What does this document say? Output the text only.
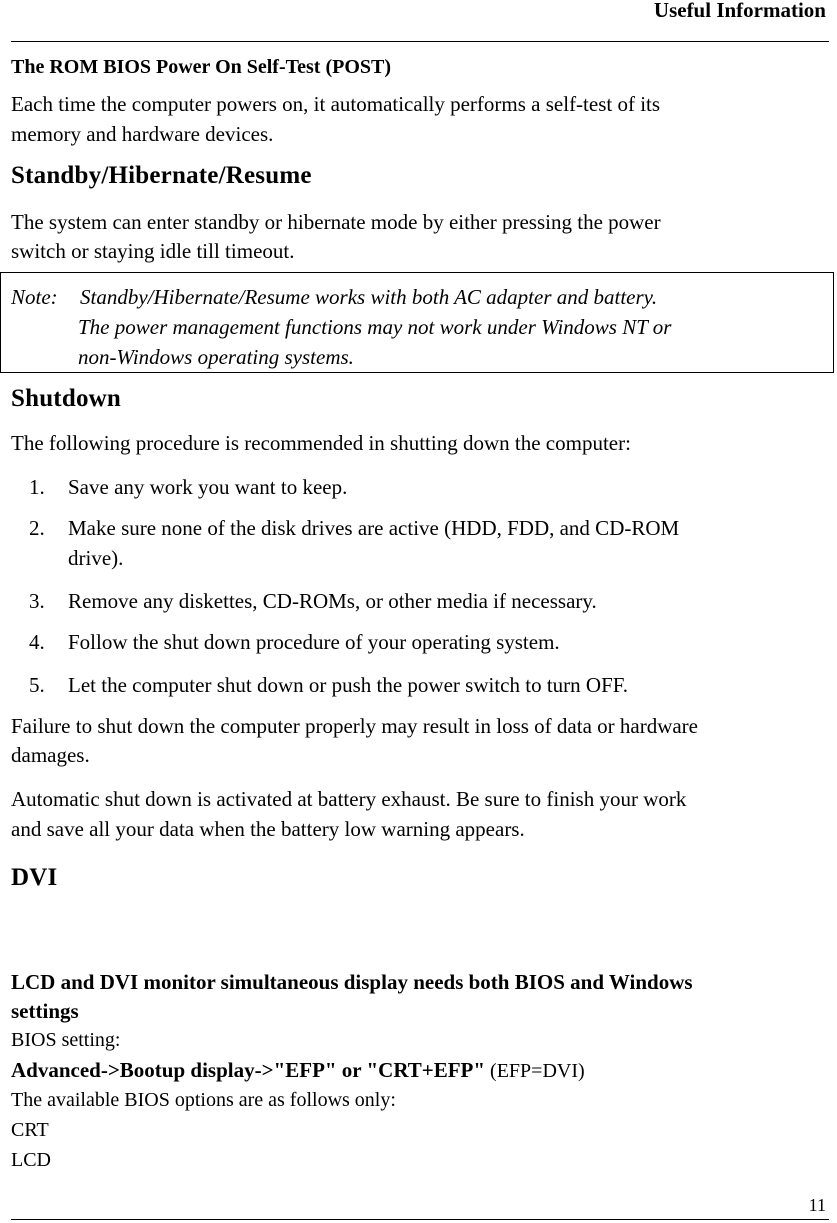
Useful Information
The ROM BIOS Power On Self-Test (POST)
Each time the computer powers on, it automatically performs a self-test of its
memory and hardware devices.
Standby/Hibernate/Resume
The system can enter standby or hibernate mode by either pressing the power
switch or staying idle till timeout.
Note: Standby/Hibernate/Resume works with both AC adapter and battery.
The power management functions may not work under Windows NT or
non-Windows operating systems.
Shutdown
The following procedure is recommended in shutting down the computer:
1. Save any work you want to keep.
2. Make sure none of the disk drives are active (HDD, FDD, and CD-ROM
drive).
3. Remove any diskettes, CD-ROMs, or other media if necessary.
4. Follow the shut down procedure of your operating system.
5. Let the computer shut down or push the power switch to turn OFF.
Failure to shut down the computer properly may result in loss of data or hardware
damages.
Automatic shut down is activated at battery exhaust. Be sure to finish your work
and save all your data when the battery low warning appears.
DVI
LCD and DVI monitor simultaneous display needs both BIOS and Windows
settings
BIOS setting:
Advanced->Bootup display->"EFP" or "CRT+EFP" (EFP=DVI)
The available BIOS options are as follows only:
CRT
LCD
11
